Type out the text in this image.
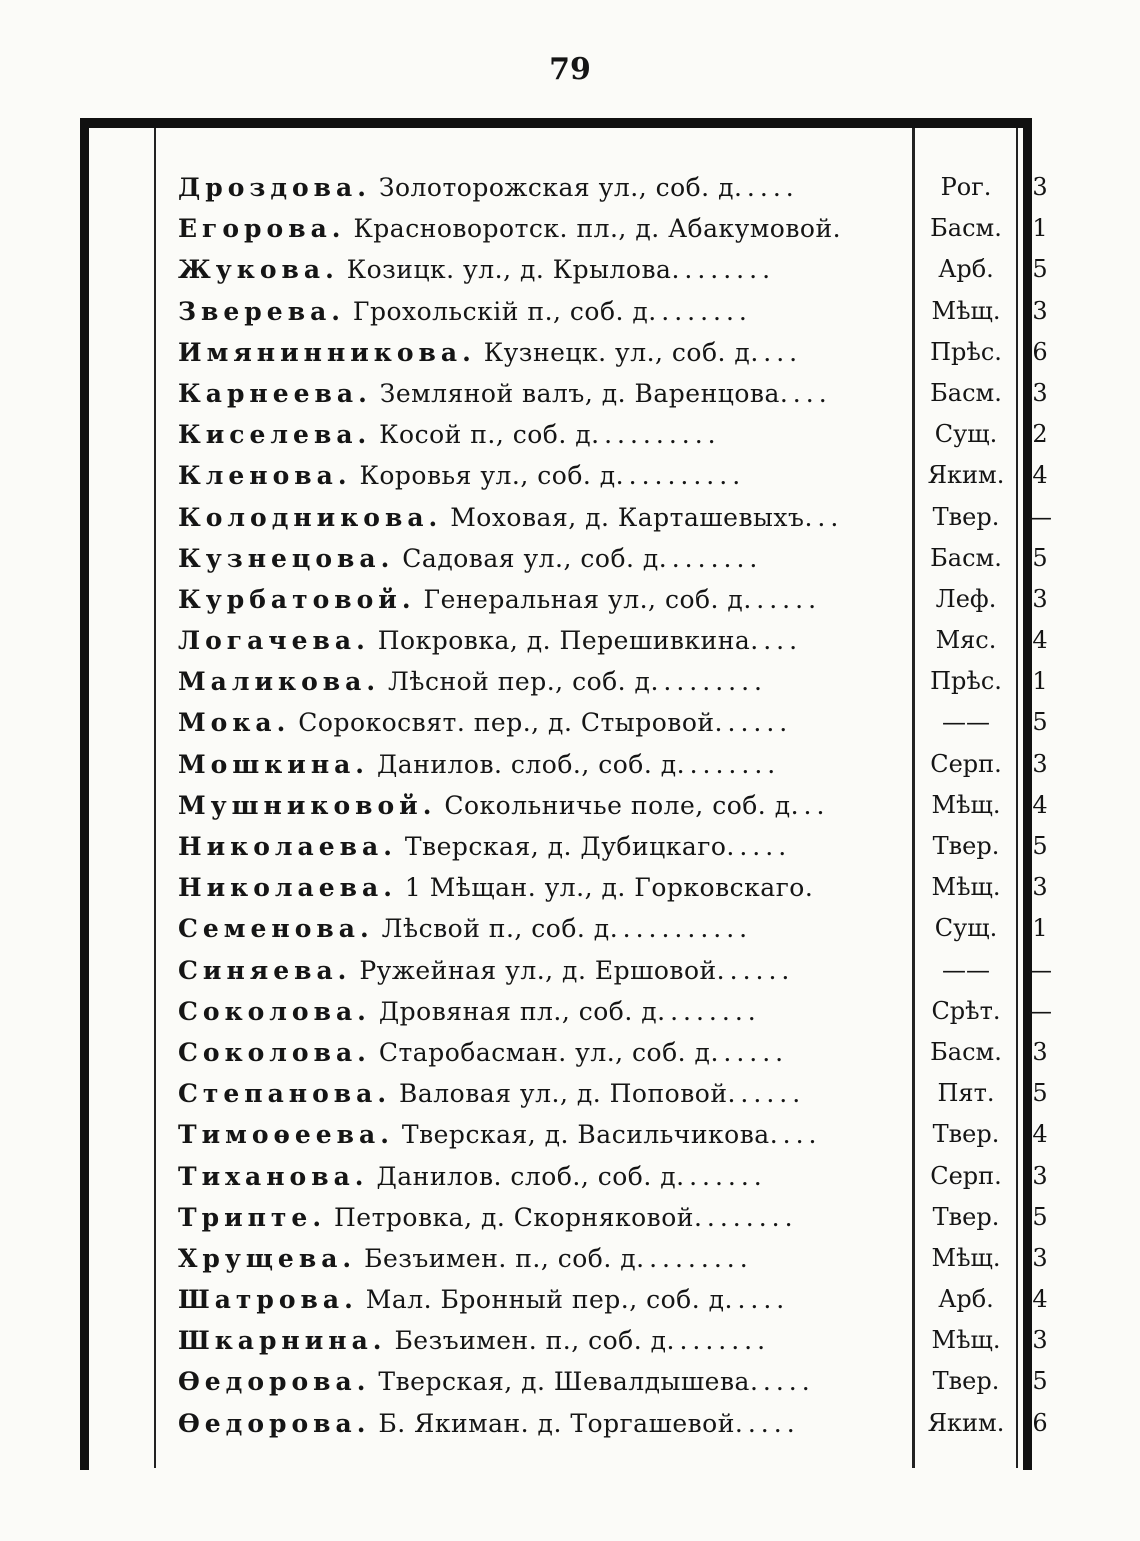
79
Дроздова. Золоторожская ул., соб. д.....	Рог.	3
Егорова. Красноворотск. пл., д. Абакумовой.	Басм.	1
Жукова. Козицк. ул., д. Крылова........	Арб.	5
Зверева. Грохольскій п., соб. д........	Мѣщ.	3
Имянинникова. Кузнецк. ул., соб. д....	Прѣс.	6
Карнеева. Земляной валъ, д. Варенцова....	Басм.	3
Киселева. Косой п., соб. д..........	Сущ.	2
Кленова. Коровья ул., соб. д..........	Яким.	4
Колодникова. Моховая, д. Карташевыхъ...	Твер.	—
Кузнецова. Садовая ул., соб. д........	Басм.	5
Курбатовой. Генеральная ул., соб. д......	Леф.	3
Логачева. Покровка, д. Перешивкина....	Мяс.	4
Маликова. Лѣсной пер., соб. д.........	Прѣс.	1
Мока. Сорокосвят. пер., д. Стыровой......	——	5
Мошкина. Данилов. слоб., соб. д........	Серп.	3
Мушниковой. Сокольничье поле, соб. д...	Мѣщ.	4
Николаева. Тверская, д. Дубицкаго.....	Твер.	5
Николаева. 1 Мѣщан. ул., д. Горковскаго.	Мѣщ.	3
Семенова. Лѣсвой п., соб. д...........	Сущ.	1
Синяева. Ружейная ул., д. Ершовой......	——	—
Соколова. Дровяная пл., соб. д........	Срѣт.	—
Соколова. Старобасман. ул., соб. д......	Басм.	3
Степанова. Валовая ул., д. Поповой......	Пят.	5
Тимоѳеева. Тверская, д. Васильчикова....	Твер.	4
Тиханова. Данилов. слоб., соб. д.......	Серп.	3
Трипте. Петровка, д. Скорняковой........	Твер.	5
Хрущева. Безъимен. п., соб. д.........	Мѣщ.	3
Шатрова. Мал. Бронный пер., соб. д.....	Арб.	4
Шкарнина. Безъимен. п., соб. д........	Мѣщ.	3
Ѳедорова. Тверская, д. Шевалдышева.....	Твер.	5
Ѳедорова. Б. Якиман. д. Торгашевой.....	Яким.	6
